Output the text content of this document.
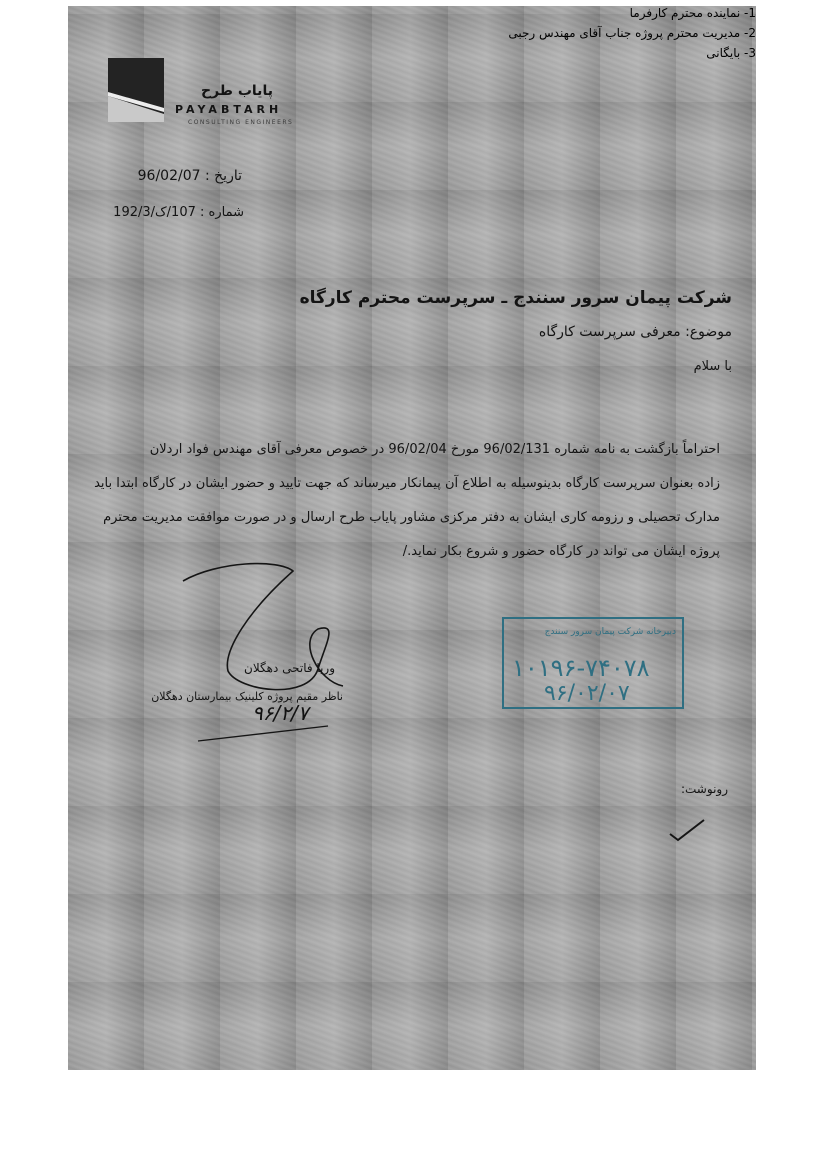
پایاب طرح
PAYABTARH
CONSULTING ENGINEERS
تاریخ : 96/02/07
شماره : 107/ک/192/3
شرکت پیمان سرور سنندج ـ سرپرست محترم کارگاه
موضوع: معرفی سرپرست کارگاه
با سلام
احتراماً بازگشت به نامه شماره 96/02/131 مورخ 96/02/04 در خصوص معرفی آقای مهندس فواد اردلان
زاده بعنوان سرپرست کارگاه بدینوسیله به اطلاع آن پیمانکار میرساند که جهت تایید و حضور ایشان در کارگاه ابتدا باید
مدارک تحصیلی و رزومه کاری ایشان به دفتر مرکزی مشاور پایاب طرح ارسال و در صورت موافقت مدیریت محترم
پروژه ایشان می تواند در کارگاه حضور و شروع بکار نماید./
وریا فاتحی دهگلان
ناظر مقیم پروژه کلینیک بیمارستان دهگلان
۹۶/۲/۷
دبیرخانه شرکت پیمان سرور سنندج
۱۰۱۹۶-۷۴۰۷۸
۹۶/۰۲/۰۷
رونوشت:
1- نماینده محترم کارفرما
2- مدیریت محترم پروژه جناب آقای مهندس رجبی
3- بایگانی
